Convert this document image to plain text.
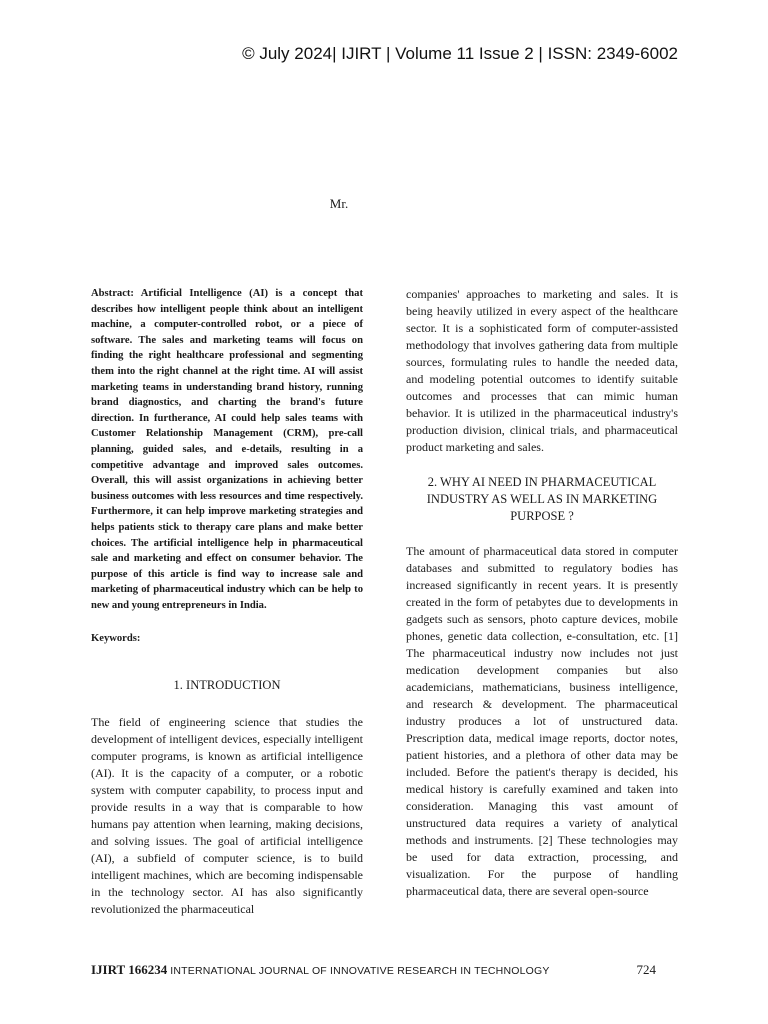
© July 2024| IJIRT | Volume 11 Issue 2 | ISSN: 2349-6002
Mr.

Abstract: Artificial Intelligence (AI) is a concept that describes how intelligent people think about an intelligent machine, a computer-controlled robot, or a piece of software. The sales and marketing teams will focus on finding the right healthcare professional and segmenting them into the right channel at the right time. AI will assist marketing teams in understanding brand history, running brand diagnostics, and charting the brand's future direction. In furtherance, AI could help sales teams with Customer Relationship Management (CRM), pre-call planning, guided sales, and e-details, resulting in a competitive advantage and improved sales outcomes. Overall, this will assist organizations in achieving better business outcomes with less resources and time respectively. Furthermore, it can help improve marketing strategies and helps patients stick to therapy care plans and make better choices. The artificial intelligence help in pharmaceutical sale and marketing and effect on consumer behavior. The purpose of this article is find way to increase sale and marketing of pharmaceutical industry which can be help to new and young entrepreneurs in India.

Keywords:

1. INTRODUCTION

The field of engineering science that studies the development of intelligent devices, especially intelligent computer programs, is known as artificial intelligence (AI). It is the capacity of a computer, or a robotic system with computer capability, to process input and provide results in a way that is comparable to how humans pay attention when learning, making decisions, and solving issues. The goal of artificial intelligence (AI), a subfield of computer science, is to build intelligent machines, which are becoming indispensable in the technology sector. AI has also significantly revolutionized the pharmaceutical

companies' approaches to marketing and sales. It is being heavily utilized in every aspect of the healthcare sector. It is a sophisticated form of computer-assisted methodology that involves gathering data from multiple sources, formulating rules to handle the needed data, and modeling potential outcomes to identify suitable outcomes and processes that can mimic human behavior. It is utilized in the pharmaceutical industry's production division, clinical trials, and pharmaceutical product marketing and sales.

2. WHY AI NEED IN PHARMACEUTICAL INDUSTRY AS WELL AS IN MARKETING PURPOSE ?

The amount of pharmaceutical data stored in computer databases and submitted to regulatory bodies has increased significantly in recent years. It is presently created in the form of petabytes due to developments in gadgets such as sensors, photo capture devices, mobile phones, genetic data collection, e-consultation, etc. [1] The pharmaceutical industry now includes not just medication development companies but also academicians, mathematicians, business intelligence, and research & development. The pharmaceutical industry produces a lot of unstructured data. Prescription data, medical image reports, doctor notes, patient histories, and a plethora of other data may be included. Before the patient's therapy is decided, his medical history is carefully examined and taken into consideration. Managing this vast amount of unstructured data requires a variety of analytical methods and instruments. [2] These technologies may be used for data extraction, processing, and visualization. For the purpose of handling pharmaceutical data, there are several open-source

IJIRT 166234 INTERNATIONAL JOURNAL OF INNOVATIVE RESEARCH IN TECHNOLOGY	724
